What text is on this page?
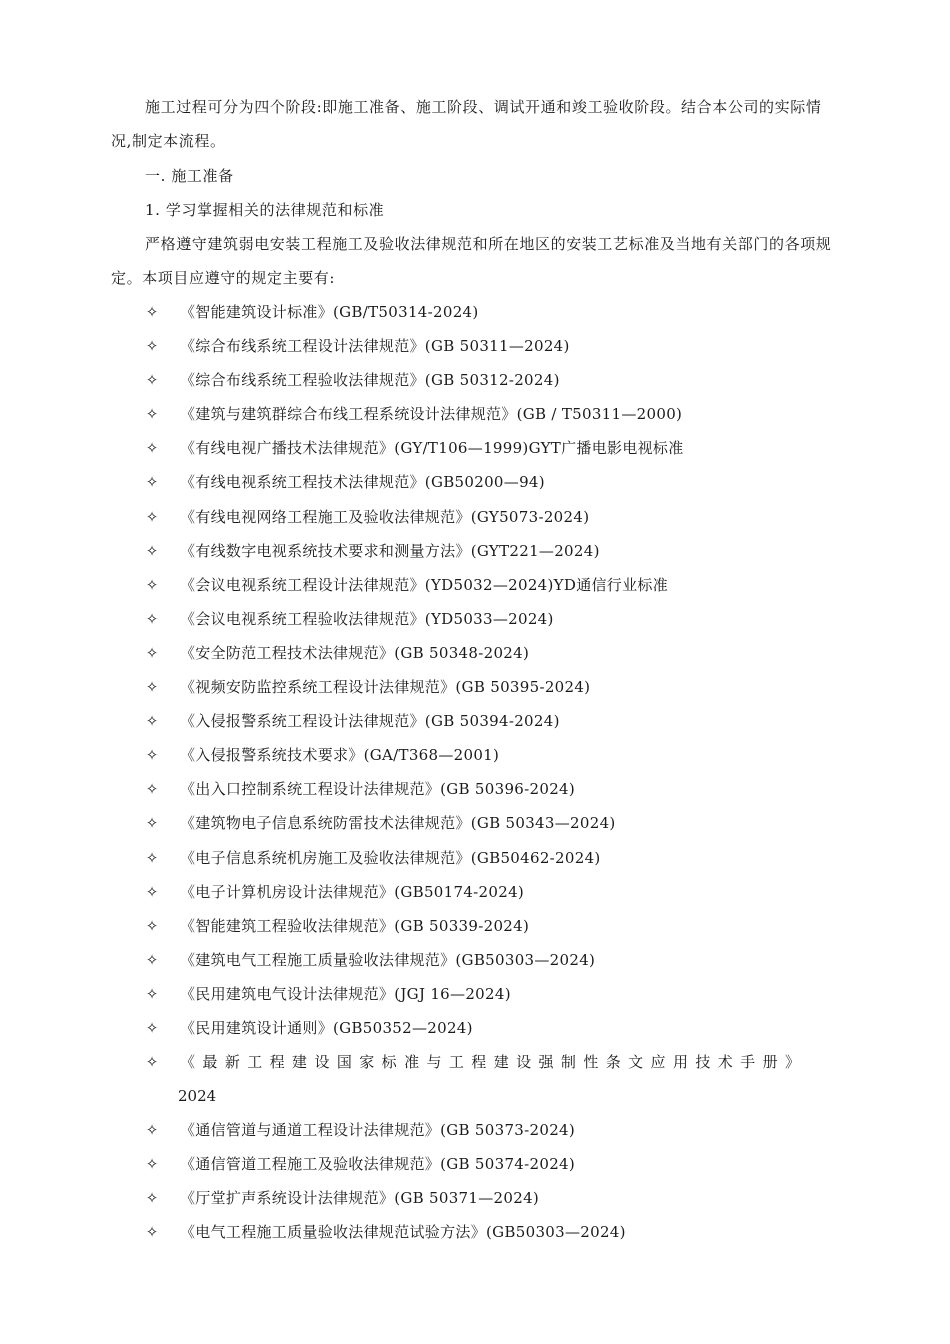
施工过程可分为四个阶段:即施工准备、施工阶段、调试开通和竣工验收阶段。结合本公司的实际情况,制定本流程。

一. 施工准备
1. 学习掌握相关的法律规范和标准

严格遵守建筑弱电安装工程施工及验收法律规范和所在地区的安装工艺标准及当地有关部门的各项规定。本项目应遵守的规定主要有:

✧ 《智能建筑设计标准》(GB/T50314-2024)
✧ 《综合布线系统工程设计法律规范》(GB 50311—2024)
✧ 《综合布线系统工程验收法律规范》(GB 50312-2024)
✧ 《建筑与建筑群综合布线工程系统设计法律规范》(GB / T50311—2000)
✧ 《有线电视广播技术法律规范》(GY/T106—1999)GYT广播电影电视标准
✧ 《有线电视系统工程技术法律规范》(GB50200—94)
✧ 《有线电视网络工程施工及验收法律规范》(GY5073-2024)
✧ 《有线数字电视系统技术要求和测量方法》(GYT221—2024)
✧ 《会议电视系统工程设计法律规范》(YD5032—2024)YD通信行业标准
✧ 《会议电视系统工程验收法律规范》(YD5033—2024)
✧ 《安全防范工程技术法律规范》(GB 50348-2024)
✧ 《视频安防监控系统工程设计法律规范》(GB 50395-2024)
✧ 《入侵报警系统工程设计法律规范》(GB 50394-2024)
✧ 《入侵报警系统技术要求》(GA/T368—2001)
✧ 《出入口控制系统工程设计法律规范》(GB 50396-2024)
✧ 《建筑物电子信息系统防雷技术法律规范》(GB 50343—2024)
✧ 《电子信息系统机房施工及验收法律规范》(GB50462-2024)
✧ 《电子计算机房设计法律规范》(GB50174-2024)
✧ 《智能建筑工程验收法律规范》(GB 50339-2024)
✧ 《建筑电气工程施工质量验收法律规范》(GB50303—2024)
✧ 《民用建筑电气设计法律规范》(JGJ 16—2024)
✧ 《民用建筑设计通则》(GB50352—2024)
✧ 《最新工程建设国家标准与工程建设强制性条文应用技术手册》
2024
✧ 《通信管道与通道工程设计法律规范》(GB 50373-2024)
✧ 《通信管道工程施工及验收法律规范》(GB 50374-2024)
✧ 《厅堂扩声系统设计法律规范》(GB 50371—2024)
✧ 《电气工程施工质量验收法律规范试验方法》(GB50303—2024)
